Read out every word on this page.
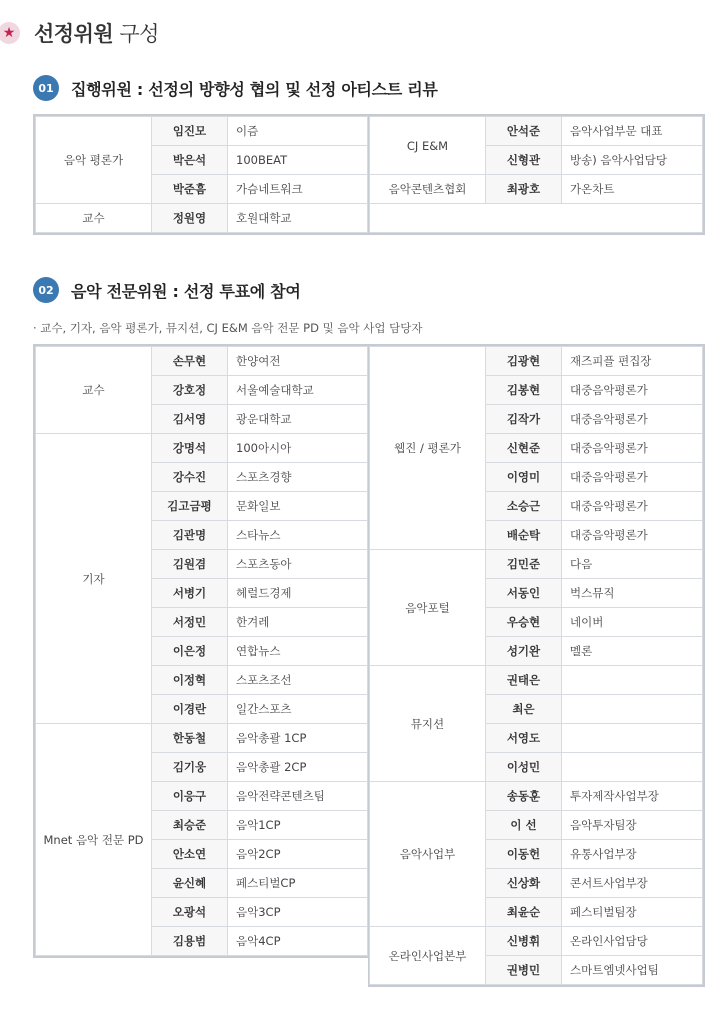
★ 선정위원 구성
01	집행위원 : 선정의 방향성 협의 및 선정 아티스트 리뷰
음악 평론가	임진모	이즘
	박은석	100BEAT
	박준흠	가슴네트워크
교수	정원영	호원대학교
CJ E&M	안석준	음악사업부문 대표
	신형관	방송) 음악사업담당
음악콘텐츠협회	최광호	가온차트

02	음악 전문위원 : 선정 투표에 참여
· 교수, 기자, 음악 평론가, 뮤지션, CJ E&M 음악 전문 PD 및 음악 사업 담당자
교수	손무현	한양여전
	강호정	서울예술대학교
	김서영	광운대학교
기자	강명석	100아시아
	강수진	스포츠경향
	김고금평	문화일보
	김관명	스타뉴스
	김원겸	스포츠동아
	서병기	헤럴드경제
	서정민	한겨레
	이은정	연합뉴스
	이정혁	스포츠조선
	이경란	일간스포츠
Mnet 음악 전문 PD	한동철	음악총괄 1CP
	김기웅	음악총괄 2CP
	이응구	음악전략콘텐츠팀
	최승준	음악1CP
	안소연	음악2CP
	윤신혜	페스티벌CP
	오광석	음악3CP
	김용범	음악4CP
웹진 / 평론가	김광현	재즈피플 편집장
	김봉현	대중음악평론가
	김작가	대중음악평론가
	신현준	대중음악평론가
	이영미	대중음악평론가
	소승근	대중음악평론가
	배순탁	대중음악평론가
음악포털	김민준	다음
	서동인	벅스뮤직
	우승현	네이버
	성기완	멜론
뮤지션	권태은	
	최은	
	서영도	
	이성민	
음악사업부	송동훈	투자제작사업부장
	이 선	음악투자팀장
	이동헌	유통사업부장
	신상화	콘서트사업부장
	최윤순	페스티벌팀장
온라인사업본부	신병휘	온라인사업담당
	권병민	스마트엠넷사업팀
